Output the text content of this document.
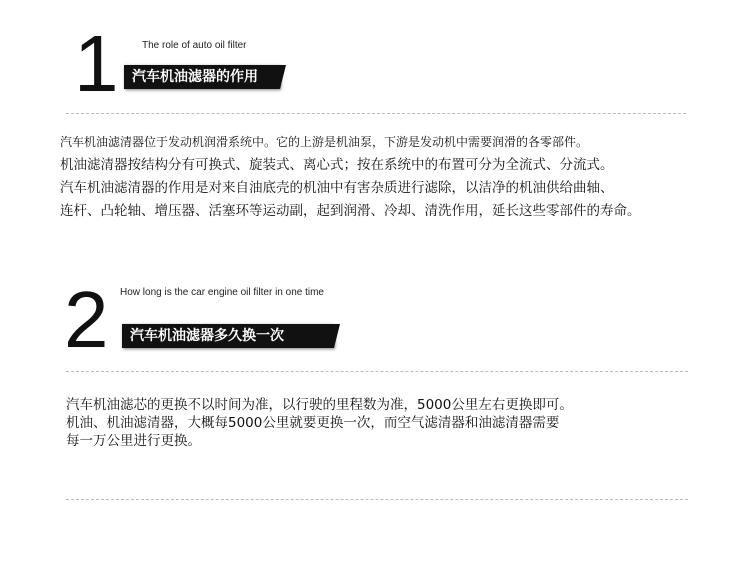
1 The role of auto oil filter
汽车机油滤器的作用
汽车机油滤清器位于发动机润滑系统中。它的上游是机油泵，下游是发动机中需要润滑的各零部件。
机油滤清器按结构分有可换式、旋装式、离心式；按在系统中的布置可分为全流式、分流式。
汽车机油滤清器的作用是对来自油底壳的机油中有害杂质进行滤除，以洁净的机油供给曲轴、
连杆、凸轮轴、增压器、活塞环等运动副，起到润滑、冷却、清洗作用，延长这些零部件的寿命。
2 How long is the car engine oil filter in one time
汽车机油滤器多久换一次
汽车机油滤芯的更换不以时间为准，以行驶的里程数为准，5000公里左右更换即可。
机油、机油滤清器，大概每5000公里就要更换一次，而空气滤清器和油滤清器需要
每一万公里进行更换。
